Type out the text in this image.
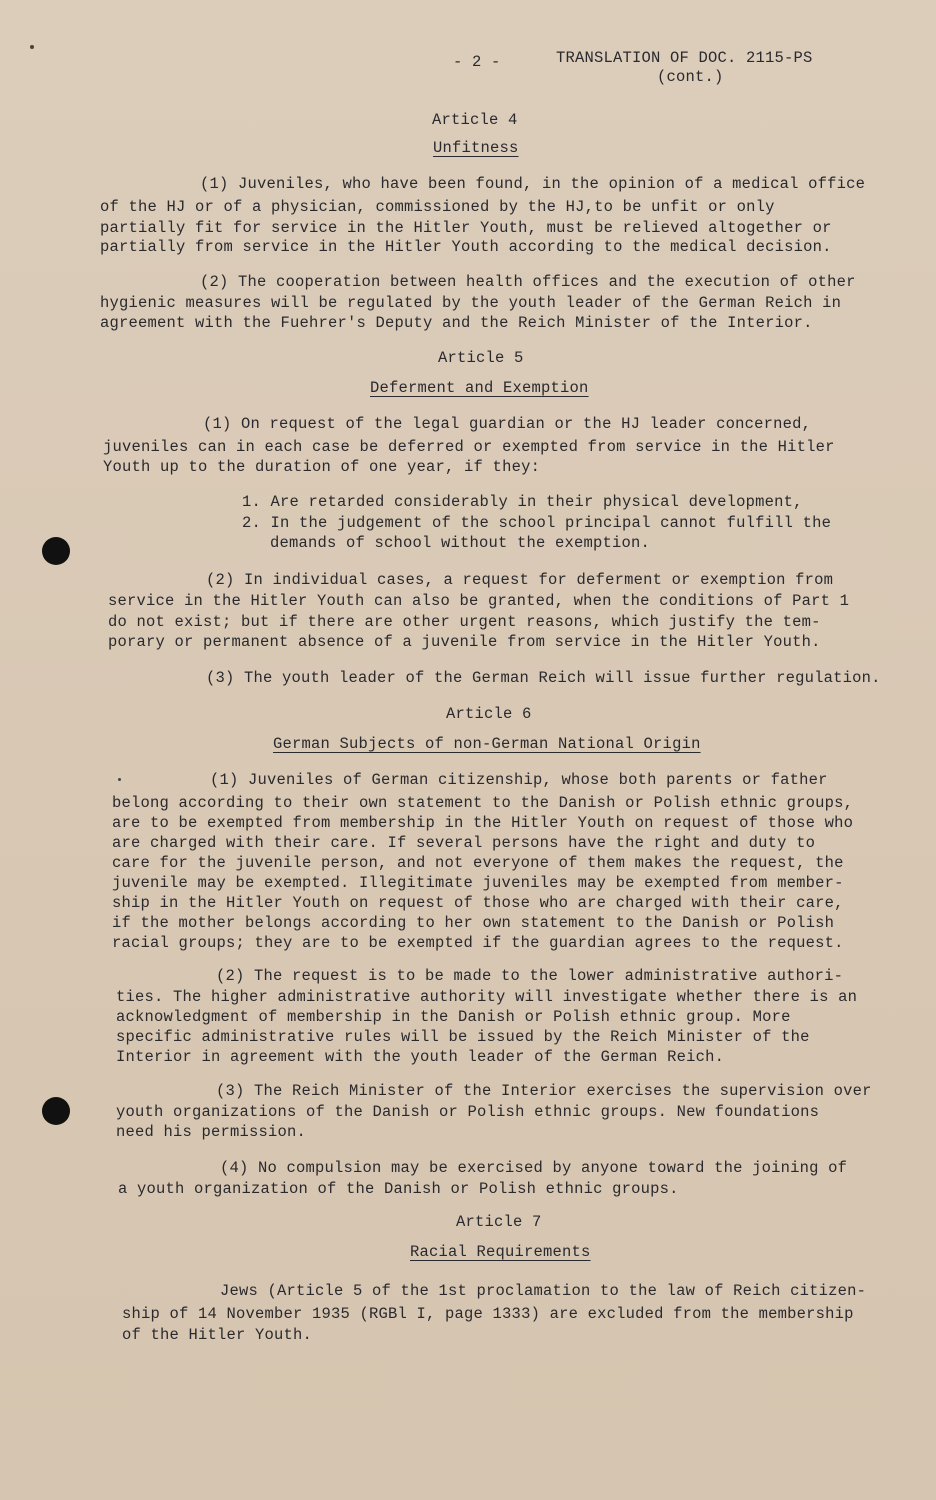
- 2 -	TRANSLATION OF DOC. 2115-PS
(cont.)
Article 4
Unfitness
(1) Juveniles, who have been found, in the opinion of a medical office
of the HJ or of a physician, commissioned by the HJ,to be unfit or only
partially fit for service in the Hitler Youth, must be relieved altogether or
partially from service in the Hitler Youth according to the medical decision.
(2) The cooperation between health offices and the execution of other
hygienic measures will be regulated by the youth leader of the German Reich in
agreement with the Fuehrer's Deputy and the Reich Minister of the Interior.
Article 5
Deferment and Exemption
(1) On request of the legal guardian or the HJ leader concerned,
juveniles can in each case be deferred or exempted from service in the Hitler
Youth up to the duration of one year, if they:
1. Are retarded considerably in their physical development,
2. In the judgement of the school principal cannot fulfill the
demands of school without the exemption.
(2) In individual cases, a request for deferment or exemption from
service in the Hitler Youth can also be granted, when the conditions of Part 1
do not exist; but if there are other urgent reasons, which justify the tem-
porary or permanent absence of a juvenile from service in the Hitler Youth.
(3) The youth leader of the German Reich will issue further regulation.
Article 6
German Subjects of non-German National Origin
(1) Juveniles of German citizenship, whose both parents or father
belong according to their own statement to the Danish or Polish ethnic groups,
are to be exempted from membership in the Hitler Youth on request of those who
are charged with their care. If several persons have the right and duty to
care for the juvenile person, and not everyone of them makes the request, the
juvenile may be exempted. Illegitimate juveniles may be exempted from member-
ship in the Hitler Youth on request of those who are charged with their care,
if the mother belongs according to her own statement to the Danish or Polish
racial groups; they are to be exempted if the guardian agrees to the request.
(2) The request is to be made to the lower administrative authori-
ties. The higher administrative authority will investigate whether there is an
acknowledgment of membership in the Danish or Polish ethnic group. More
specific administrative rules will be issued by the Reich Minister of the
Interior in agreement with the youth leader of the German Reich.
(3) The Reich Minister of the Interior exercises the supervision over
youth organizations of the Danish or Polish ethnic groups. New foundations
need his permission.
(4) No compulsion may be exercised by anyone toward the joining of
a youth organization of the Danish or Polish ethnic groups.
Article 7
Racial Requirements
Jews (Article 5 of the 1st proclamation to the law of Reich citizen-
ship of 14 November 1935 (RGBl I, page 1333) are excluded from the membership
of the Hitler Youth.
